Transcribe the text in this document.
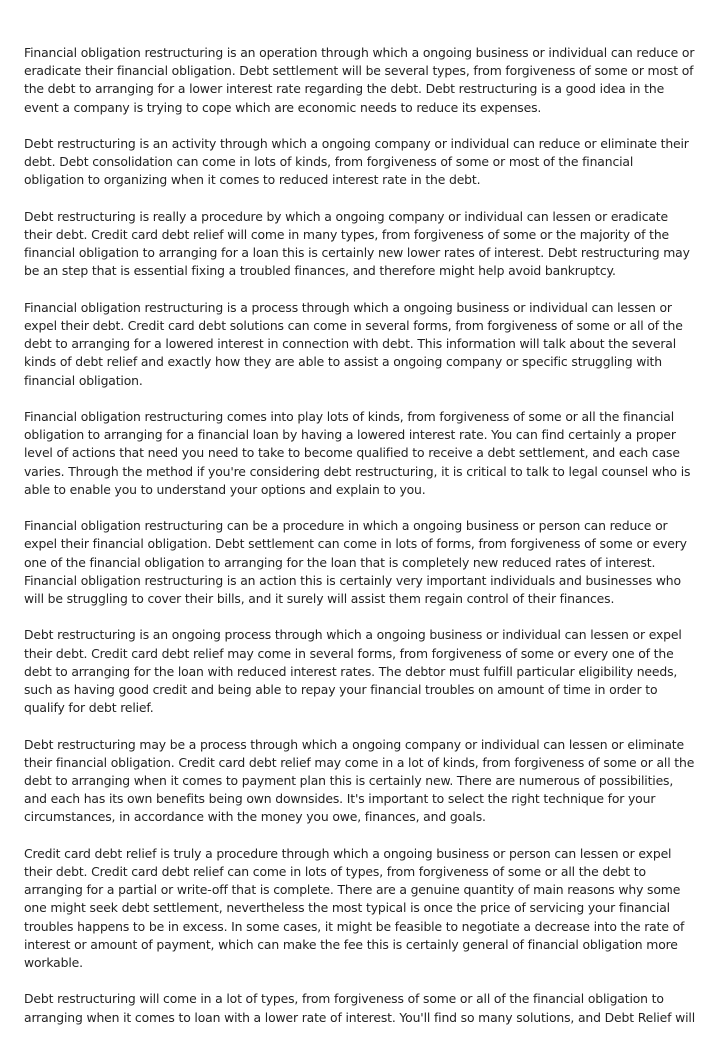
Financial obligation restructuring is an operation through which a ongoing business or individual can reduce or eradicate their financial obligation. Debt settlement will be several types, from forgiveness of some or most of the debt to arranging for a lower interest rate regarding the debt. Debt restructuring is a good idea in the event a company is trying to cope which are economic needs to reduce its expenses.

Debt restructuring is an activity through which a ongoing company or individual can reduce or eliminate their debt. Debt consolidation can come in lots of kinds, from forgiveness of some or most of the financial obligation to organizing when it comes to reduced interest rate in the debt.

Debt restructuring is really a procedure by which a ongoing company or individual can lessen or eradicate their debt. Credit card debt relief will come in many types, from forgiveness of some or the majority of the financial obligation to arranging for a loan this is certainly new lower rates of interest. Debt restructuring may be an step that is essential fixing a troubled finances, and therefore might help avoid bankruptcy.

Financial obligation restructuring is a process through which a ongoing business or individual can lessen or expel their debt. Credit card debt solutions can come in several forms, from forgiveness of some or all of the debt to arranging for a lowered interest in connection with debt. This information will talk about the several kinds of debt relief and exactly how they are able to assist a ongoing company or specific struggling with financial obligation.

Financial obligation restructuring comes into play lots of kinds, from forgiveness of some or all the financial obligation to arranging for a financial loan by having a lowered interest rate. You can find certainly a proper level of actions that need you need to take to become qualified to receive a debt settlement, and each case varies. Through the method if you're considering debt restructuring, it is critical to talk to legal counsel who is able to enable you to understand your options and explain to you.

Financial obligation restructuring can be a procedure in which a ongoing business or person can reduce or expel their financial obligation. Debt settlement can come in lots of forms, from forgiveness of some or every one of the financial obligation to arranging for the loan that is completely new reduced rates of interest. Financial obligation restructuring is an action this is certainly very important individuals and businesses who will be struggling to cover their bills, and it surely will assist them regain control of their finances.

Debt restructuring is an ongoing process through which a ongoing business or individual can lessen or expel their debt. Credit card debt relief may come in several forms, from forgiveness of some or every one of the debt to arranging for the loan with reduced interest rates. The debtor must fulfill particular eligibility needs, such as having good credit and being able to repay your financial troubles on amount of time in order to qualify for debt relief.

Debt restructuring may be a process through which a ongoing company or individual can lessen or eliminate their financial obligation. Credit card debt relief may come in a lot of kinds, from forgiveness of some or all the debt to arranging when it comes to payment plan this is certainly new. There are numerous of possibilities, and each has its own benefits being own downsides. It's important to select the right technique for your circumstances, in accordance with the money you owe, finances, and goals.

Credit card debt relief is truly a procedure through which a ongoing business or person can lessen or expel their debt. Credit card debt relief can come in lots of types, from forgiveness of some or all the debt to arranging for a partial or write-off that is complete. There are a genuine quantity of main reasons why some one might seek debt settlement, nevertheless the most typical is once the price of servicing your financial troubles happens to be in excess. In some cases, it might be feasible to negotiate a decrease into the rate of interest or amount of payment, which can make the fee this is certainly general of financial obligation more workable.

Debt restructuring will come in a lot of types, from forgiveness of some or all of the financial obligation to arranging when it comes to loan with a lower rate of interest. You'll find so many solutions, and Debt Relief will
